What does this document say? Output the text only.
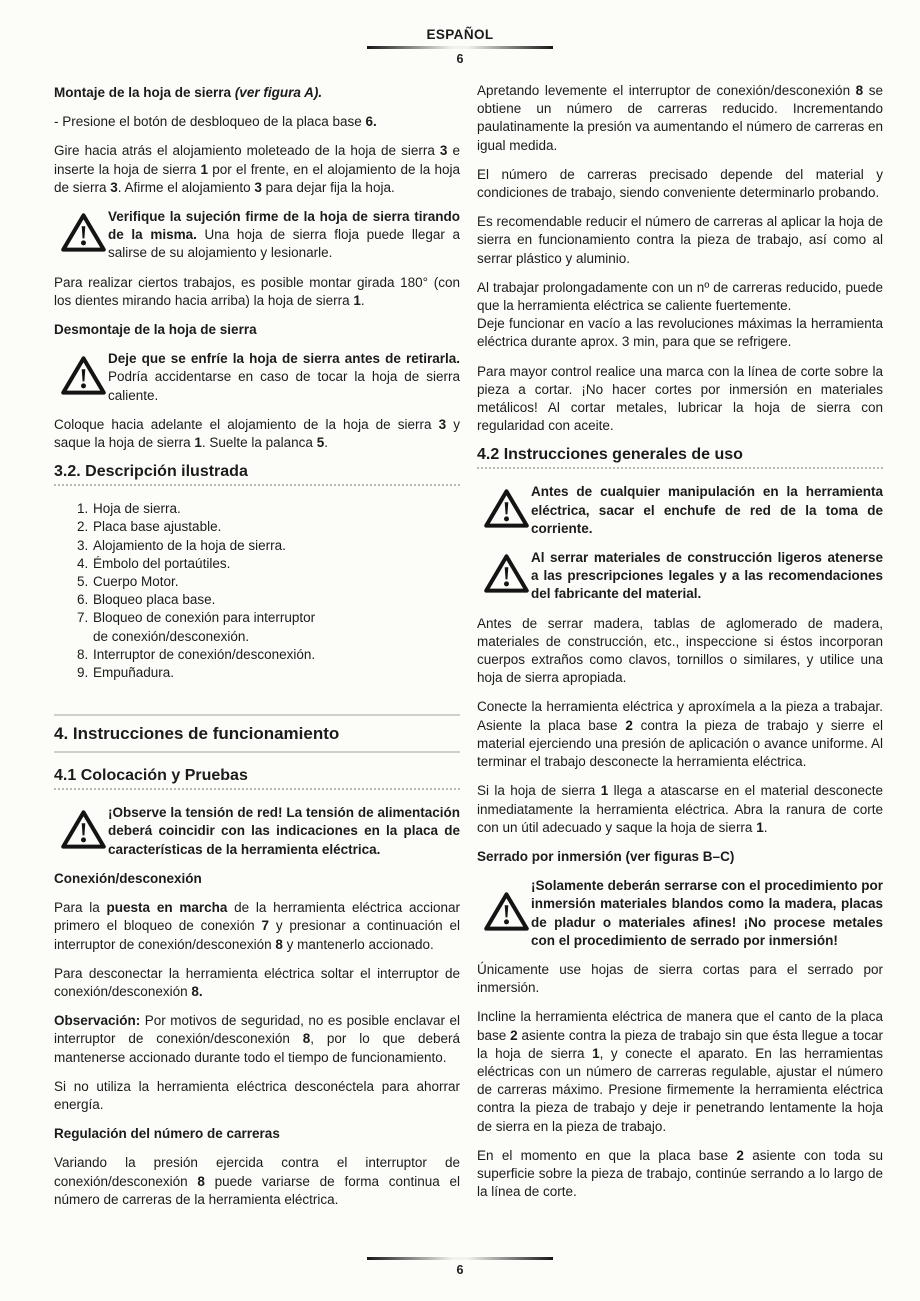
ESPAÑOL
6

Montaje de la hoja de sierra (ver figura A).

- Presione el botón de desbloqueo de la placa base 6.

Gire hacia atrás el alojamiento moleteado de la hoja de sierra 3 e inserte la hoja de sierra 1 por el frente, en el alojamiento de la hoja de sierra 3. Afirme el alojamiento 3 para dejar fija la hoja.

Verifique la sujeción firme de la hoja de sierra tirando de la misma. Una hoja de sierra floja puede llegar a salirse de su alojamiento y lesionarle.

Para realizar ciertos trabajos, es posible montar girada 180° (con los dientes mirando hacia arriba) la hoja de sierra 1.

Desmontaje de la hoja de sierra

Deje que se enfríe la hoja de sierra antes de retirarla. Podría accidentarse en caso de tocar la hoja de sierra caliente.

Coloque hacia adelante el alojamiento de la hoja de sierra 3 y saque la hoja de sierra 1. Suelte la palanca 5.

3.2. Descripción ilustrada
1. Hoja de sierra.
2. Placa base ajustable.
3. Alojamiento de la hoja de sierra.
4. Émbolo del portaútiles.
5. Cuerpo Motor.
6. Bloqueo placa base.
7. Bloqueo de conexión para interruptor
de conexión/desconexión.
8. Interruptor de conexión/desconexión.
9. Empuñadura.
4. Instrucciones de funcionamiento
4.1 Colocación y Pruebas
¡Observe la tensión de red! La tensión de alimentación deberá coincidir con las indicaciones en la placa de características de la herramienta eléctrica.

Conexión/desconexión

Para la puesta en marcha de la herramienta eléctrica accionar primero el bloqueo de conexión 7 y presionar a continuación el interruptor de conexión/desconexión 8 y mantenerlo accionado.

Para desconectar la herramienta eléctrica soltar el interruptor de conexión/desconexión 8.

Observación: Por motivos de seguridad, no es posible enclavar el interruptor de conexión/desconexión 8, por lo que deberá mantenerse accionado durante todo el tiempo de funcionamiento.

Si no utiliza la herramienta eléctrica desconéctela para ahorrar energía.

Regulación del número de carreras

Variando la presión ejercida contra el interruptor de conexión/desconexión 8 puede variarse de forma continua el número de carreras de la herramienta eléctrica.

Apretando levemente el interruptor de conexión/desconexión 8 se obtiene un número de carreras reducido. Incrementando paulatinamente la presión va aumentando el número de carreras en igual medida.

El número de carreras precisado depende del material y condiciones de trabajo, siendo conveniente determinarlo probando.

Es recomendable reducir el número de carreras al aplicar la hoja de sierra en funcionamiento contra la pieza de trabajo, así como al serrar plástico y aluminio.

Al trabajar prolongadamente con un nº de carreras reducido, puede que la herramienta eléctrica se caliente fuertemente.
Deje funcionar en vacío a las revoluciones máximas la herramienta eléctrica durante aprox. 3 min, para que se refrigere.

Para mayor control realice una marca con la línea de corte sobre la pieza a cortar. ¡No hacer cortes por inmersión en materiales metálicos! Al cortar metales, lubricar la hoja de sierra con regularidad con aceite.

4.2 Instrucciones generales de uso
Antes de cualquier manipulación en la herramienta eléctrica, sacar el enchufe de red de la toma de corriente.
Al serrar materiales de construcción ligeros atenerse a las prescripciones legales y a las recomendaciones del fabricante del material.

Antes de serrar madera, tablas de aglomerado de madera, materiales de construcción, etc., inspeccione si éstos incorporan cuerpos extraños como clavos, tornillos o similares, y utilice una hoja de sierra apropiada.

Conecte la herramienta eléctrica y aproxímela a la pieza a trabajar. Asiente la placa base 2 contra la pieza de trabajo y sierre el material ejerciendo una presión de aplicación o avance uniforme. Al terminar el trabajo desconecte la herramienta eléctrica.

Si la hoja de sierra 1 llega a atascarse en el material desconecte inmediatamente la herramienta eléctrica. Abra la ranura de corte con un útil adecuado y saque la hoja de sierra 1.

Serrado por inmersión (ver figuras B–C)

¡Solamente deberán serrarse con el procedimiento por inmersión materiales blandos como la madera, placas de pladur o materiales afines! ¡No procese metales con el procedimiento de serrado por inmersión!

Únicamente use hojas de sierra cortas para el serrado por inmersión.

Incline la herramienta eléctrica de manera que el canto de la placa base 2 asiente contra la pieza de trabajo sin que ésta llegue a tocar la hoja de sierra 1, y conecte el aparato. En las herramientas eléctricas con un número de carreras regulable, ajustar el número de carreras máximo. Presione firmemente la herramienta eléctrica contra la pieza de trabajo y deje ir penetrando lentamente la hoja de sierra en la pieza de trabajo.

En el momento en que la placa base 2 asiente con toda su superficie sobre la pieza de trabajo, continúe serrando a lo largo de la línea de corte.

6
